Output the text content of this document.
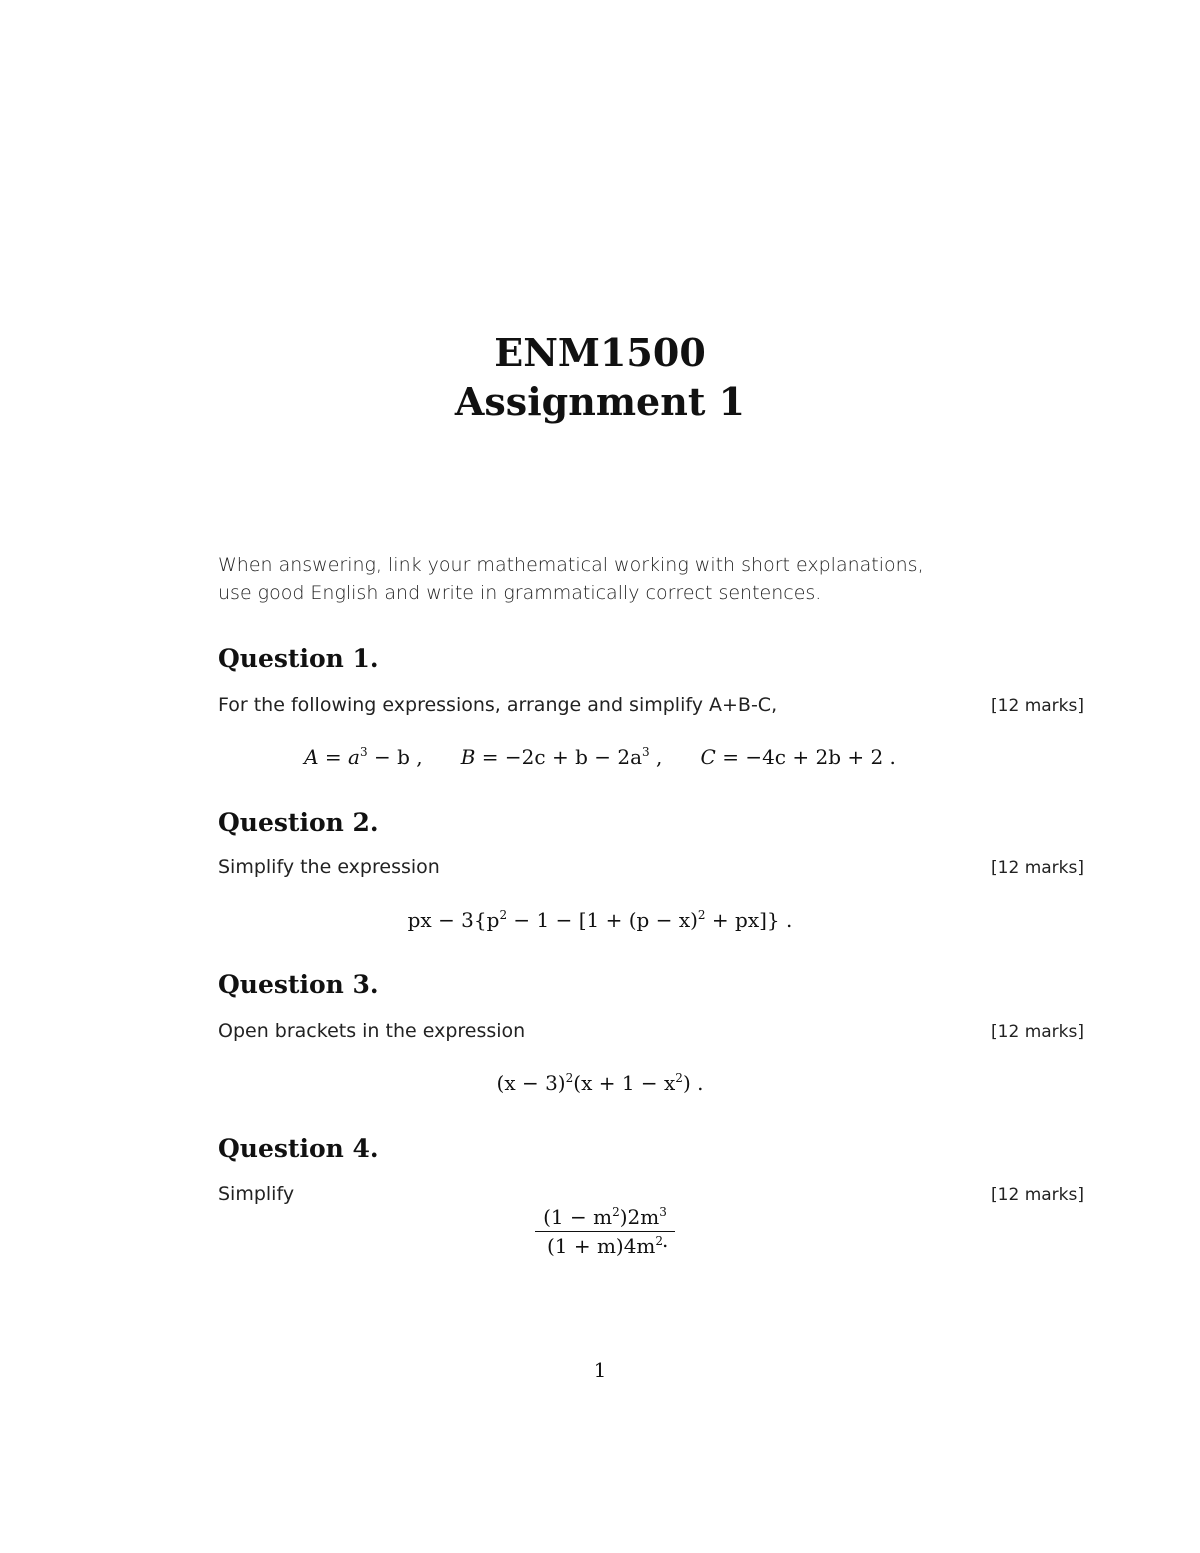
ENM1500
Assignment 1
When answering, link your mathematical working with short explanations,
use good English and write in grammatically correct sentences.
Question 1.
For the following expressions, arrange and simplify A+B-C,	[12 marks]
$A = a^3 - b$ , $B = -2c + b - 2a^3$ , C = −4c + 2b + 2 .
Question 2.
Simplify the expression	[12 marks]
px − $3\{p^2 - 1 - [1 + (p - x)^2 + px]\}$ .
Question 3.
Open brackets in the expression	[12 marks]
$(x - 3)^2(x + 1 - x^2)$ .
Question 4.
Simplify	[12 marks]
$\frac{(1 - m^2)2m^3}{(1 + m)4m^2}$
.
1
